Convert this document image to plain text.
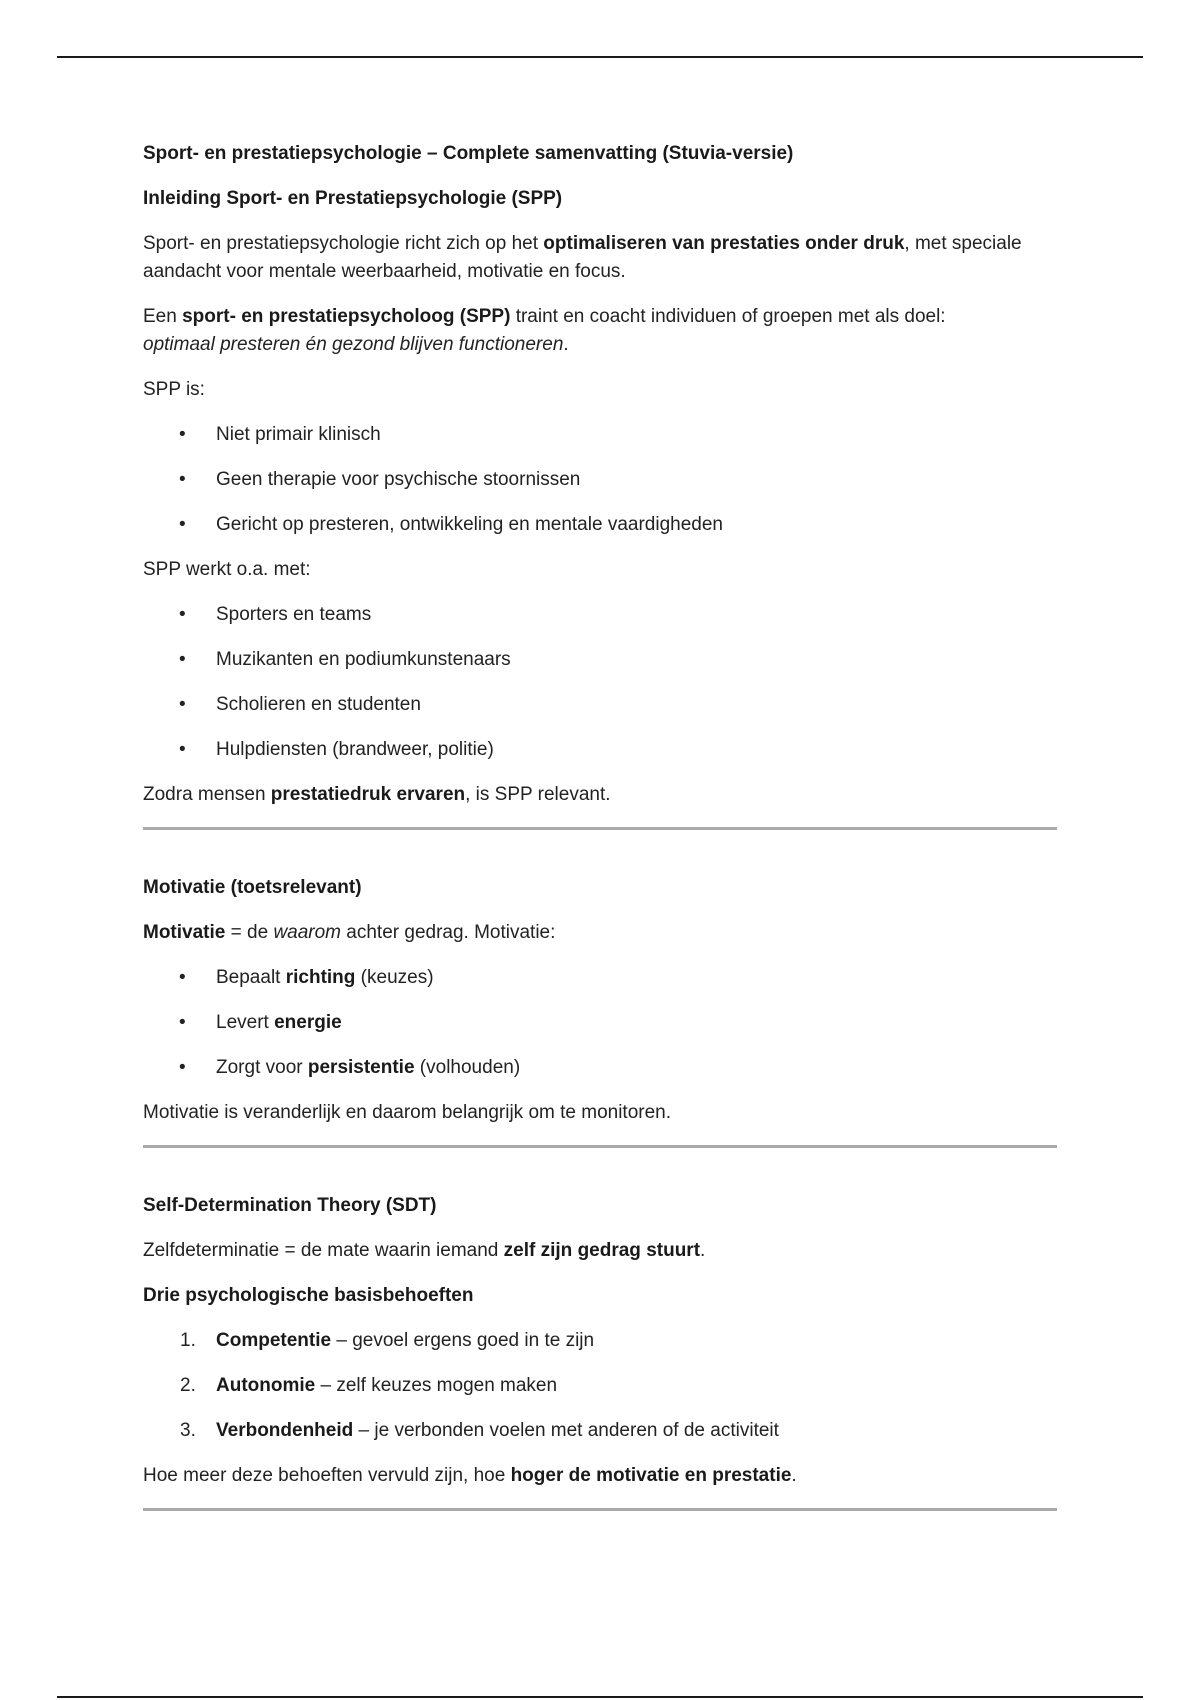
Sport- en prestatiepsychologie – Complete samenvatting (Stuvia-versie)

Inleiding Sport- en Prestatiepsychologie (SPP)

Sport- en prestatiepsychologie richt zich op het optimaliseren van prestaties onder druk, met speciale aandacht voor mentale weerbaarheid, motivatie en focus.

Een sport- en prestatiepsycholoog (SPP) traint en coacht individuen of groepen met als doel:
optimaal presteren én gezond blijven functioneren.

SPP is:

• Niet primair klinisch
• Geen therapie voor psychische stoornissen
• Gericht op presteren, ontwikkeling en mentale vaardigheden

SPP werkt o.a. met:

• Sporters en teams
• Muzikanten en podiumkunstenaars
• Scholieren en studenten
• Hulpdiensten (brandweer, politie)

Zodra mensen prestatiedruk ervaren, is SPP relevant.

Motivatie (toetsrelevant)

Motivatie = de waarom achter gedrag. Motivatie:

• Bepaalt richting (keuzes)
• Levert energie
• Zorgt voor persistentie (volhouden)

Motivatie is veranderlijk en daarom belangrijk om te monitoren.

Self-Determination Theory (SDT)

Zelfdeterminatie = de mate waarin iemand zelf zijn gedrag stuurt.

Drie psychologische basisbehoeften

1. Competentie – gevoel ergens goed in te zijn
2. Autonomie – zelf keuzes mogen maken
3. Verbondenheid – je verbonden voelen met anderen of de activiteit

Hoe meer deze behoeften vervuld zijn, hoe hoger de motivatie en prestatie.
